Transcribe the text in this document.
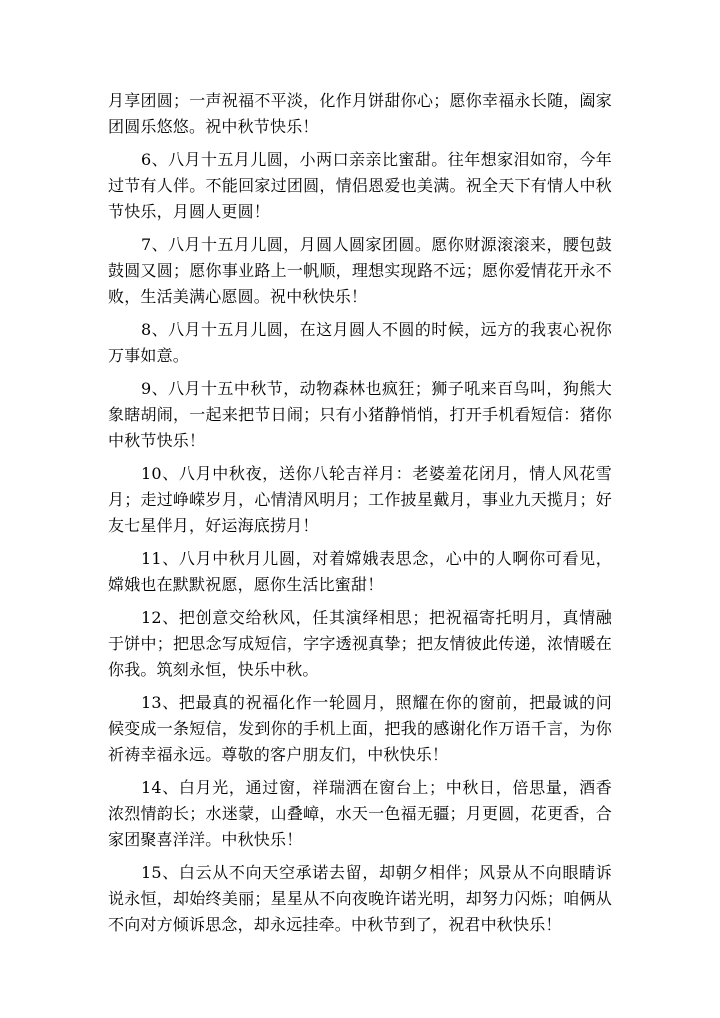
月享团圆；一声祝福不平淡，化作月饼甜你心；愿你幸福永长随，阖家团圆乐悠悠。祝中秋节快乐！

6、八月十五月儿圆，小两口亲亲比蜜甜。往年想家泪如帘，今年过节有人伴。不能回家过团圆，情侣恩爱也美满。祝全天下有情人中秋节快乐，月圆人更圆！

7、八月十五月儿圆，月圆人圆家团圆。愿你财源滚滚来，腰包鼓鼓圆又圆；愿你事业路上一帆顺，理想实现路不远；愿你爱情花开永不败，生活美满心愿圆。祝中秋快乐！

8、八月十五月儿圆，在这月圆人不圆的时候，远方的我衷心祝你万事如意。

9、八月十五中秋节，动物森林也疯狂；狮子吼来百鸟叫，狗熊大象瞎胡闹，一起来把节日闹；只有小猪静悄悄，打开手机看短信：猪你中秋节快乐！

10、八月中秋夜，送你八轮吉祥月：老婆羞花闭月，情人风花雪月；走过峥嵘岁月，心情清风明月；工作披星戴月，事业九天揽月；好友七星伴月，好运海底捞月！

11、八月中秋月儿圆，对着嫦娥表思念，心中的人啊你可看见，嫦娥也在默默祝愿，愿你生活比蜜甜！

12、把创意交给秋风，任其演绎相思；把祝福寄托明月，真情融于饼中；把思念写成短信，字字透视真挚；把友情彼此传递，浓情暖在你我。筑刻永恒，快乐中秋。

13、把最真的祝福化作一轮圆月，照耀在你的窗前，把最诚的问候变成一条短信，发到你的手机上面，把我的感谢化作万语千言，为你祈祷幸福永远。尊敬的客户朋友们，中秋快乐！

14、白月光，通过窗，祥瑞洒在窗台上；中秋日，倍思量，酒香浓烈情韵长；水迷蒙，山叠嶂，水天一色福无疆；月更圆，花更香，合家团聚喜洋洋。中秋快乐！

15、白云从不向天空承诺去留，却朝夕相伴；风景从不向眼睛诉说永恒，却始终美丽；星星从不向夜晚许诺光明，却努力闪烁；咱俩从不向对方倾诉思念，却永远挂牵。中秋节到了，祝君中秋快乐！
